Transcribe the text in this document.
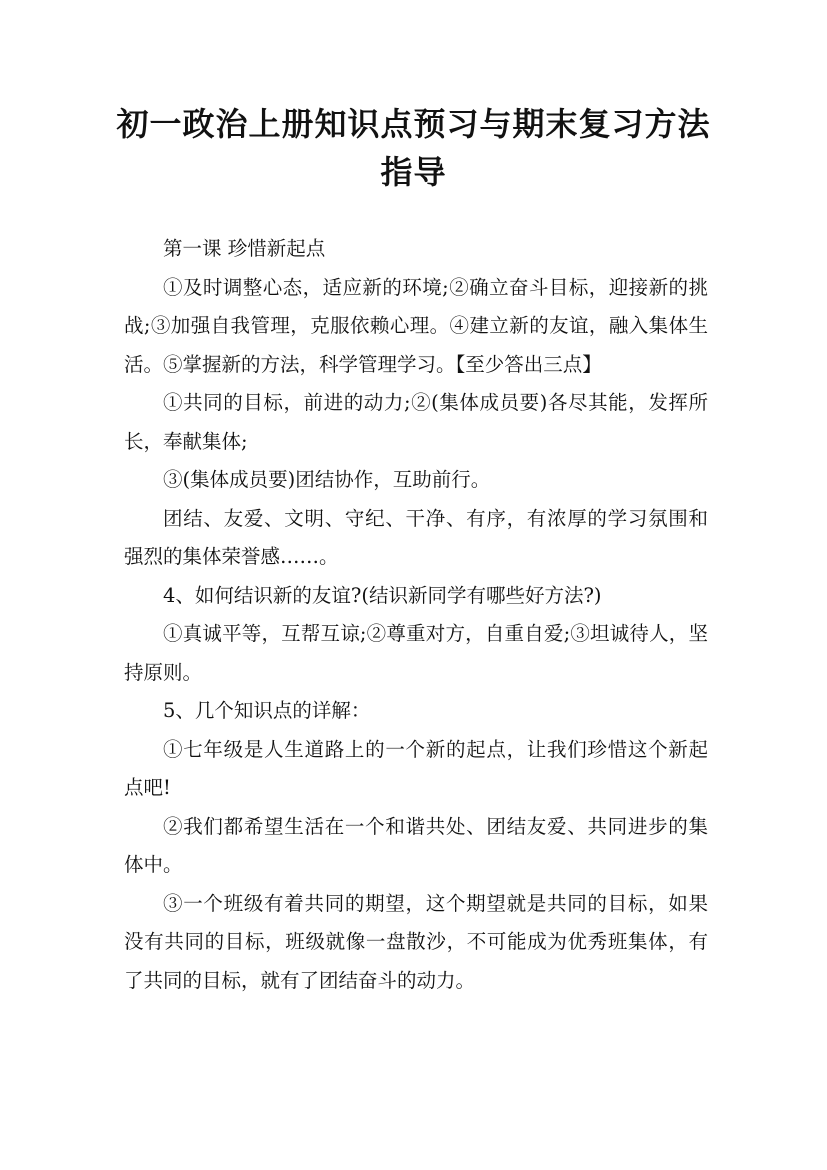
初一政治上册知识点预习与期末复习方法
指导

第一课 珍惜新起点

①及时调整心态，适应新的环境;②确立奋斗目标，迎接新的挑战;③加强自我管理，克服依赖心理。④建立新的友谊，融入集体生活。⑤掌握新的方法，科学管理学习。【至少答出三点】

①共同的目标，前进的动力;②(集体成员要)各尽其能，发挥所长，奉献集体;

③(集体成员要)团结协作，互助前行。

团结、友爱、文明、守纪、干净、有序，有浓厚的学习氛围和强烈的集体荣誉感……。

4、如何结识新的友谊?(结识新同学有哪些好方法?)

①真诚平等，互帮互谅;②尊重对方，自重自爱;③坦诚待人，坚持原则。

5、几个知识点的详解：

①七年级是人生道路上的一个新的起点，让我们珍惜这个新起点吧!

②我们都希望生活在一个和谐共处、团结友爱、共同进步的集体中。

③一个班级有着共同的期望，这个期望就是共同的目标，如果没有共同的目标，班级就像一盘散沙，不可能成为优秀班集体，有了共同的目标，就有了团结奋斗的动力。
